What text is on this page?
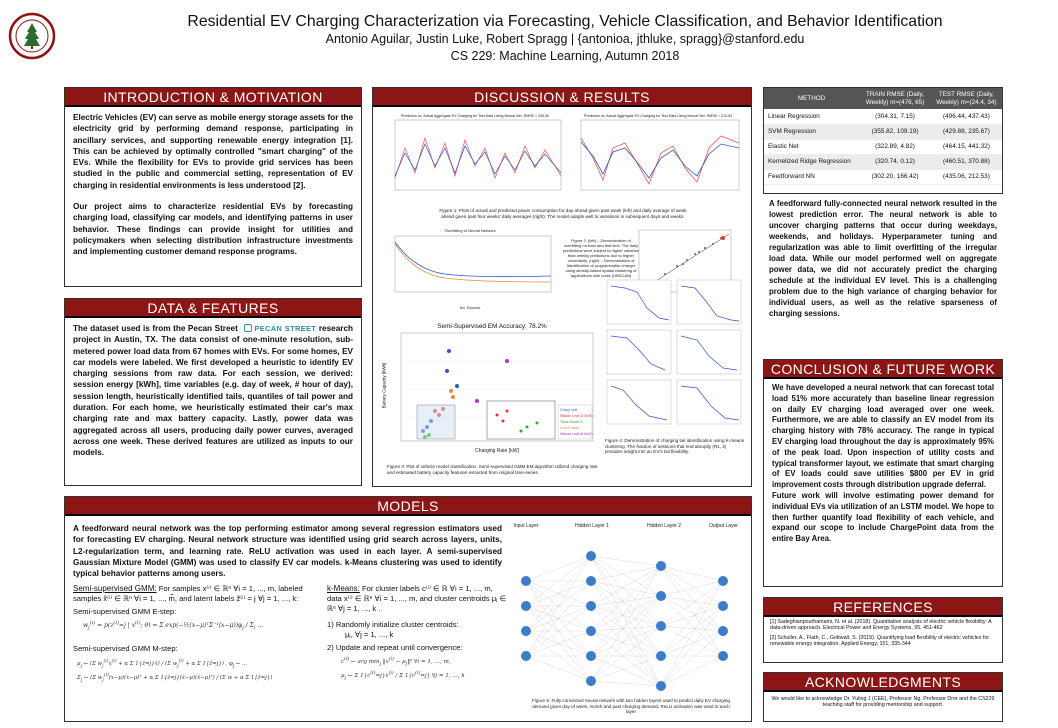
Residential EV Charging Characterization via Forecasting, Vehicle Classification, and Behavior Identification
Antonio Aguilar, Justin Luke, Robert Spragg | {antonioa, jthluke, spragg}@stanford.edu
CS 229: Machine Learning, Autumn 2018
INTRODUCTION & MOTIVATION

Electric Vehicles (EV) can serve as mobile energy storage assets for the electricity grid by performing demand response, participating in ancillary services, and supporting renewable energy integration [1]. This can be achieved by optimally controlled "smart charging" of the EVs. While the flexibility for EVs to provide grid services has been studied in the public and commercial setting, representation of EV charging in residential environments is less understood [2].

Our project aims to characterize residential EVs by forecasting charging load, classifying car models, and identifying patterns in user behavior. These findings can provide insight for utilities and policymakers when selecting distribution infrastructure investments and implementing customer demand response programs.

DATA & FEATURES
The dataset used is from the Pecan Street PECAN STREET research project in Austin, TX. The data consist of one-minute resolution, sub-metered power load data from 67 homes with EVs. For some homes, EV car models were labeled. We first developed a heuristic to identify EV charging sessions from raw data. For each session, we derived: session energy [kWh], time variables (e.g. day of week, # hour of day), session length, heuristically identified tails, quantiles of tail power and duration. For each home, we heuristically estimated their car's max charging rate and max battery capacity. Lastly, power data was aggregated across all users, producing daily power curves, averaged across one week. These derived features are utilized as inputs to our models.
MODELS
A feedforward neural network was the top performing estimator among several regression estimators used for forecasting EV charging. Neural network structure was identified using grid search across layers, units, L2-regularization term, and learning rate. ReLU activation was used in each layer. A semi-supervised Gaussian Mixture Model (GMM) was used to classify EV car models. k-Means clustering was used to identify typical behavior patterns among users.
Semi-supervised GMM: For samples x⁽ⁱ⁾ ∈ ℝⁿ ∀i = 1, ..., m, labeled samples x̃⁽ⁱ⁾ ∈ ℝⁿ ∀i = 1, ..., m̃, and latent labels z̃⁽ⁱ⁾ = j ∀j = 1, ..., k:
Semi-supervised GMM E-step:
$w_j^{(i)} = p(z^{(i)}=j$ | $x^{(i)}$; θ) = Σ $\exp(-\frac{1}{2}(x-\mu)ᵀ\Sigma^{-1}(x-\mu))\varphi_j / \Sigma_l$ ...
Semi-supervised GMM M-step:
$\mu_j$ ← (Σ $w_j^{(i)}x^{(i)} + \alpha$ Σ 1{z̃=j}x̃) / (Σ $w_j^{(i)} + \alpha$ Σ 1{z̃=j}) , $\varphi_j$ ← ...
$\Sigma_j$ ← (Σ $w_j^{(i)}(x-\mu)(x-\mu)ᵀ + \alpha$ Σ 1{z̃=j}(x̃−μ)(x̃−μ)ᵀ) / (Σ w + α Σ 1{z̃=j})
k-Means: For cluster labels c⁽ⁱ⁾ ∈ ℝ ∀i = 1, ..., m, data x⁽ⁱ⁾ ∈ ℝⁿ ∀i = 1, ..., m, and cluster centroids μⱼ ∈ ℝⁿ ∀j = 1, ..., k .
1) Randomly initialize cluster centroids:
μⱼ, ∀j = 1, ..., k
2) Update and repeat until convergence:
$c^{(i)}$ ← arg $\min_j$ $‖x^{(i)}$ − $\mu_j‖^2$ ∀i = 1, ..., m,
$\mu_j$ ← Σ $1\{c^{(i)}=j\}x^{(i)} / \Sigma$ $1\{c^{(i)}=j\}$ ∀j = 1, ..., k
Input Layer	Hidden Layer 1	Hidden Layer 2	Output Layer
Figure 5: Fully connected neural network with two hidden layers used to predict daily EV charging demand given day of week, month and past charging demand. ReLU activation was used in each layer
DISCUSSION & RESULTS
Prediction vs. Actual Aggregate EV Charging for Test Data Using Neural Net, RMSE = 435.50	Prediction vs. Actual Aggregate EV Charging for Test Data Using Neural Net, RMSE = 212.53
Figure 1: Plots of actual and predicted power consumption for day ahead given past week (left) and daily average of week ahead given past four weeks' daily averages (right). The model adapts well to variations in subsequent days and weeks.
Overfitting of Neural Network
No. Epochs
Figure 2: (left) – Demonstration of overfitting on train and test sets. The daily predictions were subject to higher variance than weekly predictions due to higher uncertainty. (right) – Demonstration of identification of programmable charger using density-based spatial clustering of applications with noise (DBSCAN)
Semi-Supervised EM Accuracy: 78.2%
Chevy Volt
Nissan Leaf (3.3kW)
Tesla Model S
Ford Fusion
Nissan Leaf (6.6kW)
Battery Capacity [kWh]
Charging Rate [kW]
Figure 3: Plot of vehicle model classification. Semi-supervised GMM EM algorithm utilized charging rate and estimated battery capacity features extracted from original time-series.
Figure 4: Demonstration of charging tail identification using K-means clustering. The fraction of sessions that end abruptly (R1, 2) provides insight into an EV's tail flexibility.
METHOD	TRAIN RMSE (Daily, Weekly) m=(476, 65)	TEST RMSE (Daily, Weekly) m=(24.4, 34)
Linear Regression	(304.31, 7.15)	(496.44, 437.43)
SVM Regression	(355.82, 109.19)	(429.88, 235.67)
Elastic Net	(322.89, 4.82)	(464.15, 441.32)
Kernelized Ridge Regression	(320.74, 0.12)	(460.51, 370.88)
Feedforward NN	(302.20, 166.42)	(435.06, 212.53)
A feedforward fully-connected neural network resulted in the lowest prediction error. The neural network is able to uncover charging patterns that occur during weekdays, weekends, and holidays. Hyperparameter tuning and regularization was able to limit overfitting of the irregular load data. While our model performed well on aggregate power data, we did not accurately predict the charging schedule at the individual EV level. This is a challenging problem due to the high variance of charging behavior for individual users, as well as the relative sparseness of charging sessions.
CONCLUSION & FUTURE WORK

We have developed a neural network that can forecast total load 51% more accurately than baseline linear regression on daily EV charging load averaged over one week. Furthermore, we are able to classify an EV model from its charging history with 78% accuracy. The range in typical EV charging load throughout the day is approximately 95% of the peak load. Upon inspection of utility costs and typical transformer layout, we estimate that smart charging of EV loads could save utilities $800 per EV in grid improvement costs through distribution upgrade deferral.

Future work will involve estimating power demand for individual EVs via utilization of an LSTM model. We hope to then further quantify load flexibility of each vehicle, and expand our scope to include ChargePoint data from the entire Bay Area.

REFERENCES
[1] Sadeghianpourhamami, N. et al. (2018). Quantitative analysis of electric vehicle flexibility: A data-driven approach. Electrical Power and Energy Systems, 95, 451-462
[2] Schuller, A., Flath, C., Gottwalt, S. (2015). Quantifying load flexibility of electric vehicles for renewable energy integration. Applied Energy, 151, 335-344
ACKNOWLEDGMENTS
We would like to acknowledge Dr. Yuling J (CEE), Professor Ng, Professor Dror and the CS229 teaching staff for providing mentorship and support.
